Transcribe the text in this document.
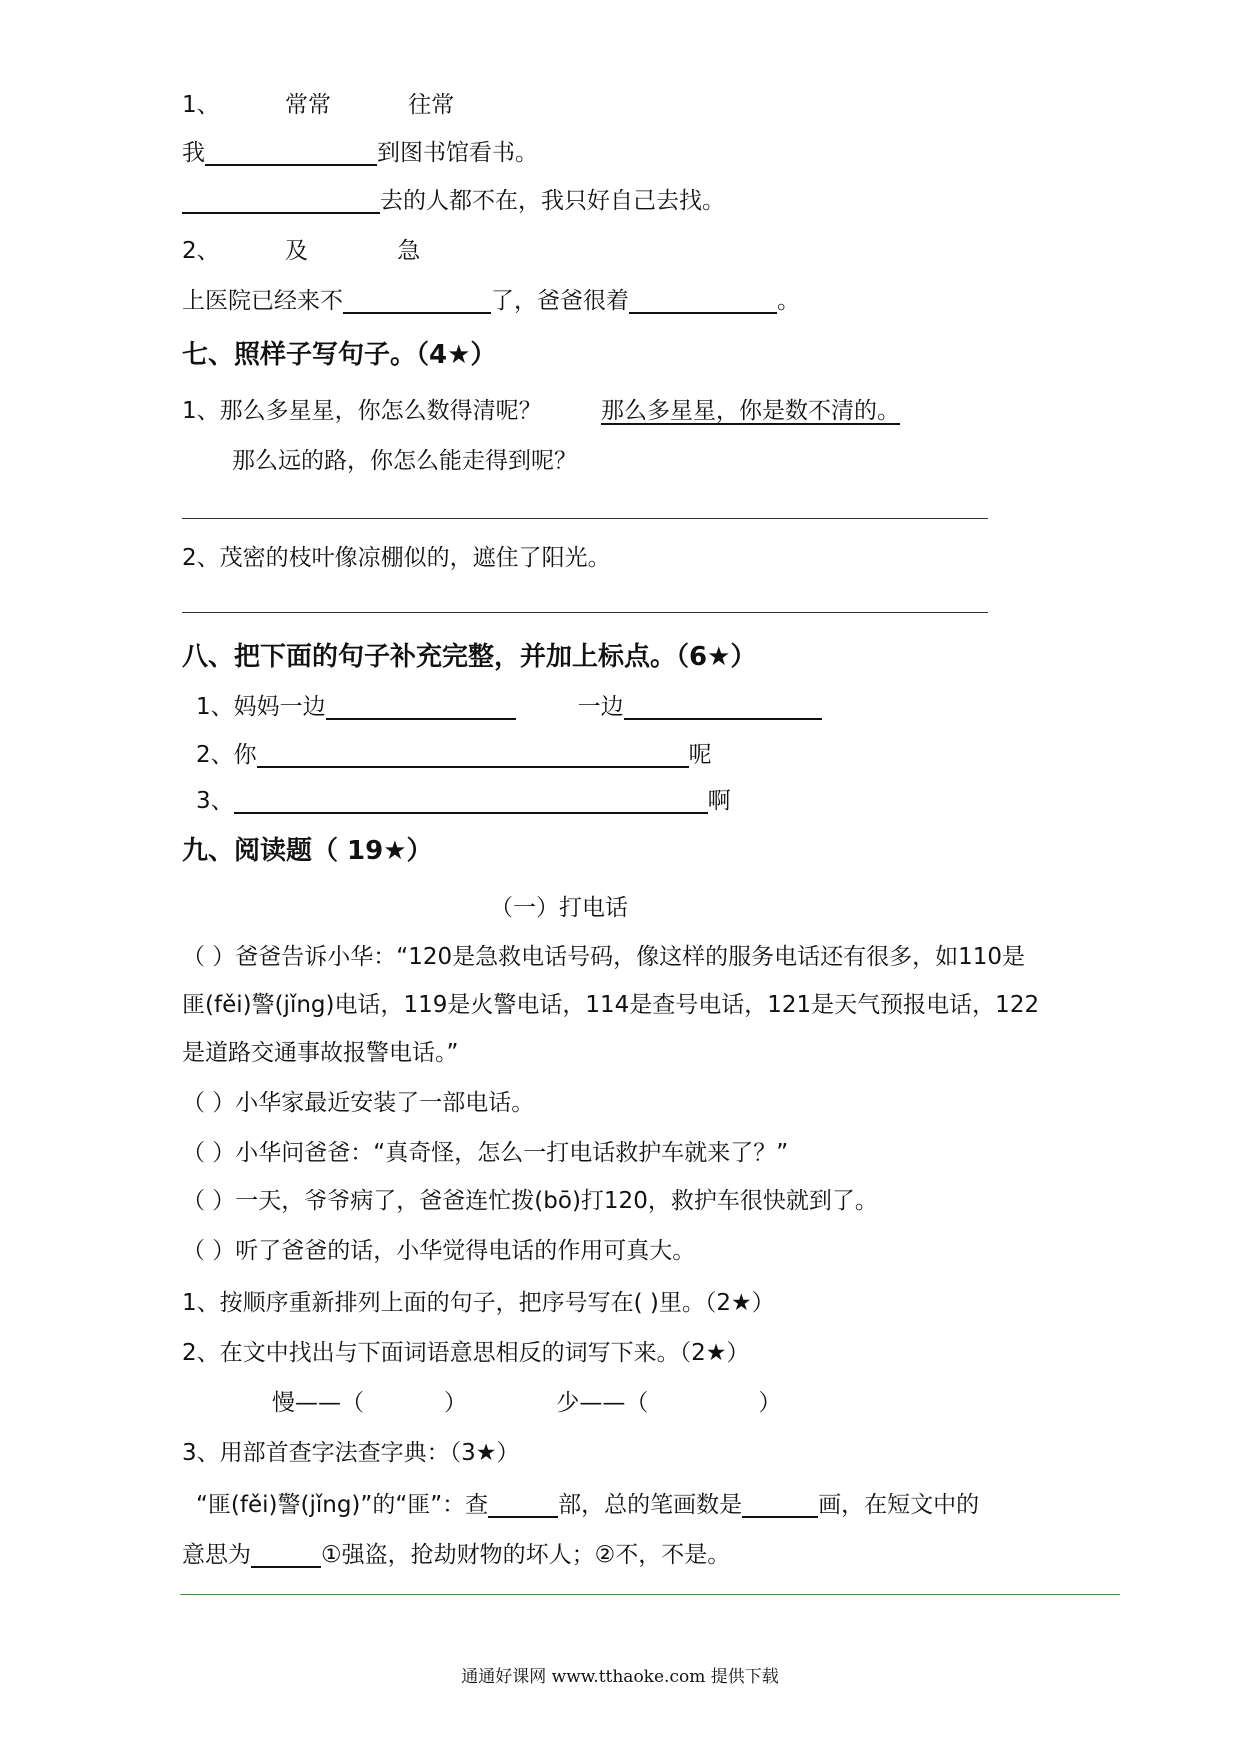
1、	常常	往常
我	到图书馆看书。
去的人都不在，我只好自己去找。
2、	及	急
上医院已经来不	了，爸爸很着	。
七、照样子写句子。（4★）
1、那么多星星，你怎么数得清呢？	那么多星星，你是数不清的。
那么远的路，你怎么能走得到呢？
2、茂密的枝叶像凉棚似的，遮住了阳光。
八、把下面的句子补充完整，并加上标点。（6★）
1、妈妈一边	一边
2、你	呢
3、	啊
九、阅读题（ 19★）
（一）打电话
（ ）爸爸告诉小华：“120是急救电话号码，像这样的服务电话还有很多，如110是
匪(fěi)警(jǐng)电话，119是火警电话，114是查号电话，121是天气预报电话，122
是道路交通事故报警电话。”
（ ）小华家最近安装了一部电话。
（ ）小华问爸爸：“真奇怪，怎么一打电话救护车就来了？”
（ ）一天，爷爷病了，爸爸连忙拨(bō)打120，救护车很快就到了。
（ ）听了爸爸的话，小华觉得电话的作用可真大。
1、按顺序重新排列上面的句子，把序号写在( )里。（2★）
2、在文中找出与下面词语意思相反的词写下来。（2★）
慢——（	）	少——（	）
3、用部首查字法查字典：（3★）
“匪(fěi)警(jǐng)”的“匪”：查	部，总的笔画数是	画，在短文中的
意思为	①强盗，抢劫财物的坏人；②不，不是。
通通好课网 www.tthaoke.com 提供下载
